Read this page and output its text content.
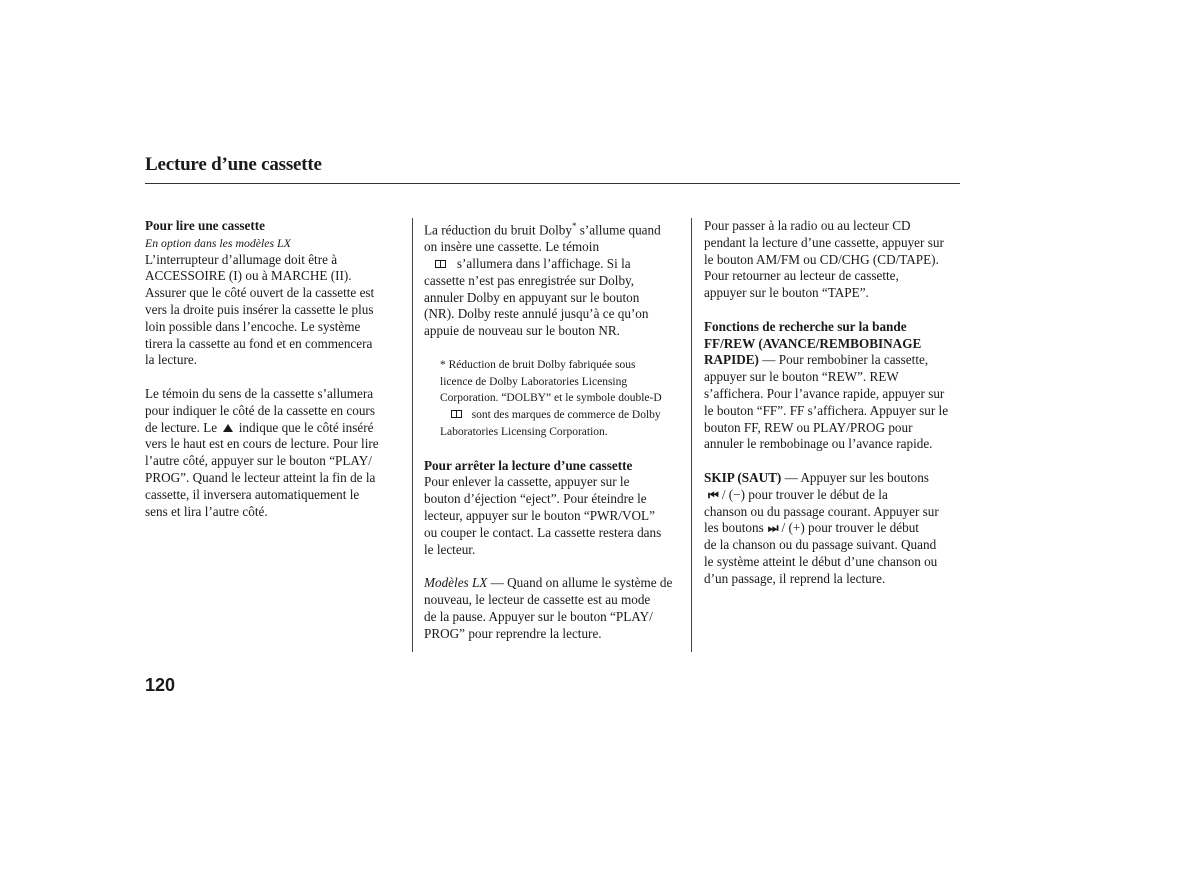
Lecture d’une cassette
Pour lire une cassette
En option dans les modèles LX
L’interrupteur d’allumage doit être à
ACCESSOIRE (I) ou à MARCHE (II).
Assurer que le côté ouvert de la cassette est
vers la droite puis insérer la cassette le plus
loin possible dans l’encoche. Le système
tirera la cassette au fond et en commencera
la lecture.
Le témoin du sens de la cassette s’allumera
pour indiquer le côté de la cassette en cours
de lecture. Le indique que le côté inséré
vers le haut est en cours de lecture. Pour lire
l’autre côté, appuyer sur le bouton “PLAY/
PROG”. Quand le lecteur atteint la fin de la
cassette, il inversera automatiquement le
sens et lira l’autre côté.
La réduction du bruit Dolby* s’allume quand
on insère une cassette. Le témoin
s’allumera dans l’affichage. Si la
cassette n’est pas enregistrée sur Dolby,
annuler Dolby en appuyant sur le bouton
(NR). Dolby reste annulé jusqu’à ce qu’on
appuie de nouveau sur le bouton NR.
* Réduction de bruit Dolby fabriquée sous
licence de Dolby Laboratories Licensing
Corporation. “DOLBY” et le symbole double-D
sont des marques de commerce de Dolby
Laboratories Licensing Corporation.
Pour arrêter la lecture d’une cassette
Pour enlever la cassette, appuyer sur le
bouton d’éjection “eject”. Pour éteindre le
lecteur, appuyer sur le bouton “PWR/VOL”
ou couper le contact. La cassette restera dans
le lecteur.
Modèles LX — Quand on allume le système de
nouveau, le lecteur de cassette est au mode
de la pause. Appuyer sur le bouton “PLAY/
PROG” pour reprendre la lecture.
Pour passer à la radio ou au lecteur CD
pendant la lecture d’une cassette, appuyer sur
le bouton AM/FM ou CD/CHG (CD/TAPE).
Pour retourner au lecteur de cassette,
appuyer sur le bouton “TAPE”.
Fonctions de recherche sur la bande
FF/REW (AVANCE/REMBOBINAGE
RAPIDE) — Pour rembobiner la cassette,
appuyer sur le bouton “REW”. REW
s’affichera. Pour l’avance rapide, appuyer sur
le bouton “FF”. FF s’affichera. Appuyer sur le
bouton FF, REW ou PLAY/PROG pour
annuler le rembobinage ou l’avance rapide.
SKIP (SAUT) — Appuyer sur les boutons
⏮ / (−) pour trouver le début de la
chanson ou du passage courant. Appuyer sur
les boutons ⏭ / (+) pour trouver le début
de la chanson ou du passage suivant. Quand
le système atteint le début d’une chanson ou
d’un passage, il reprend la lecture.
120
